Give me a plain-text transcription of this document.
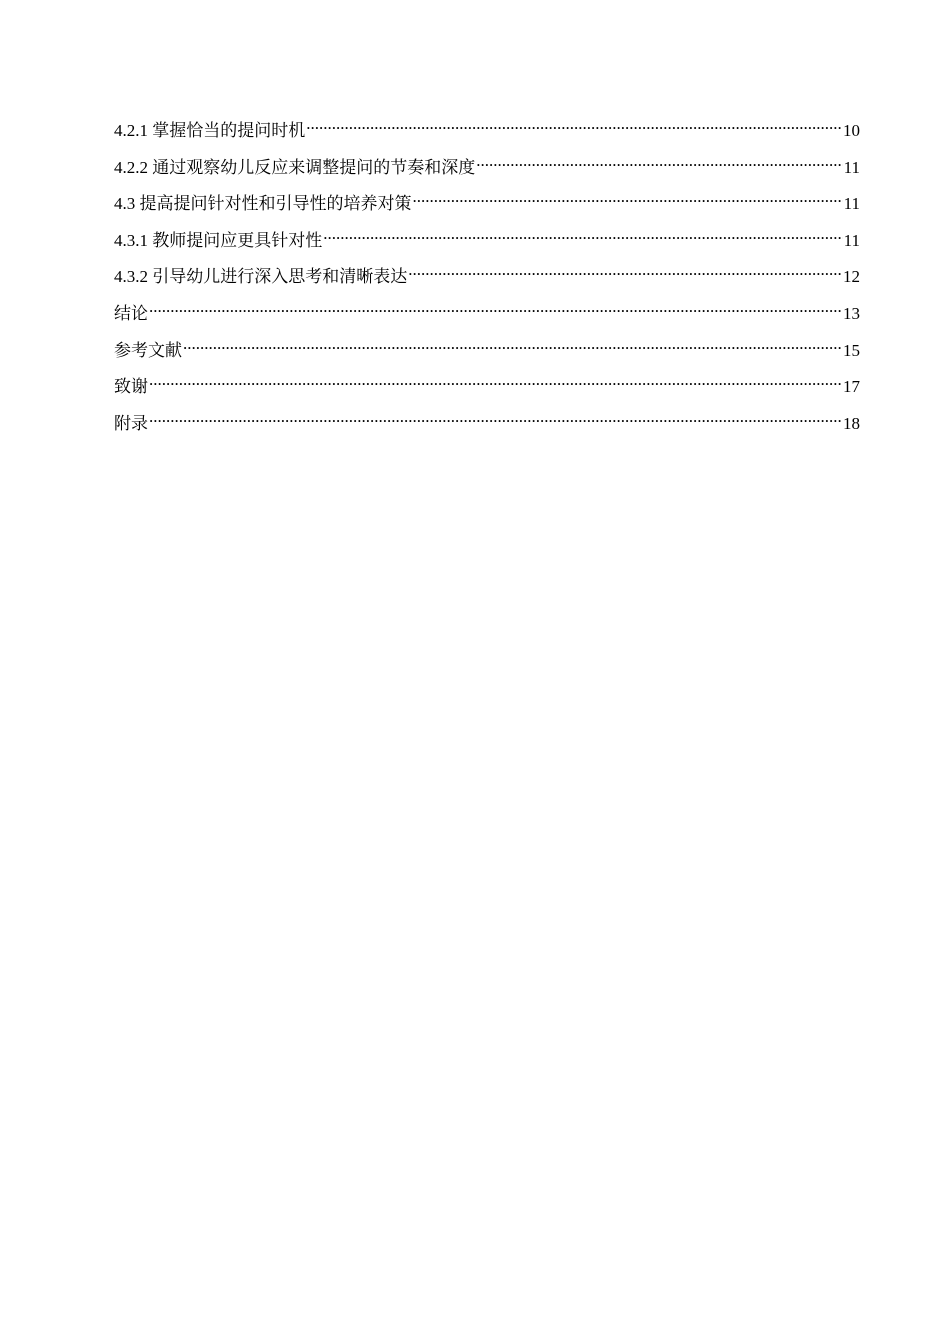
4.2.1 掌握恰当的提问时机 .....	10
4.2.2 通过观察幼儿反应来调整提问的节奏和深度 .....	11
4.3 提高提问针对性和引导性的培养对策 .....	11
4.3.1 教师提问应更具针对性 .....	11
4.3.2 引导幼儿进行深入思考和清晰表达 .....	12
结论 .....	13
参考文献 .....	15
致谢 .....	17
附录 .....	18
